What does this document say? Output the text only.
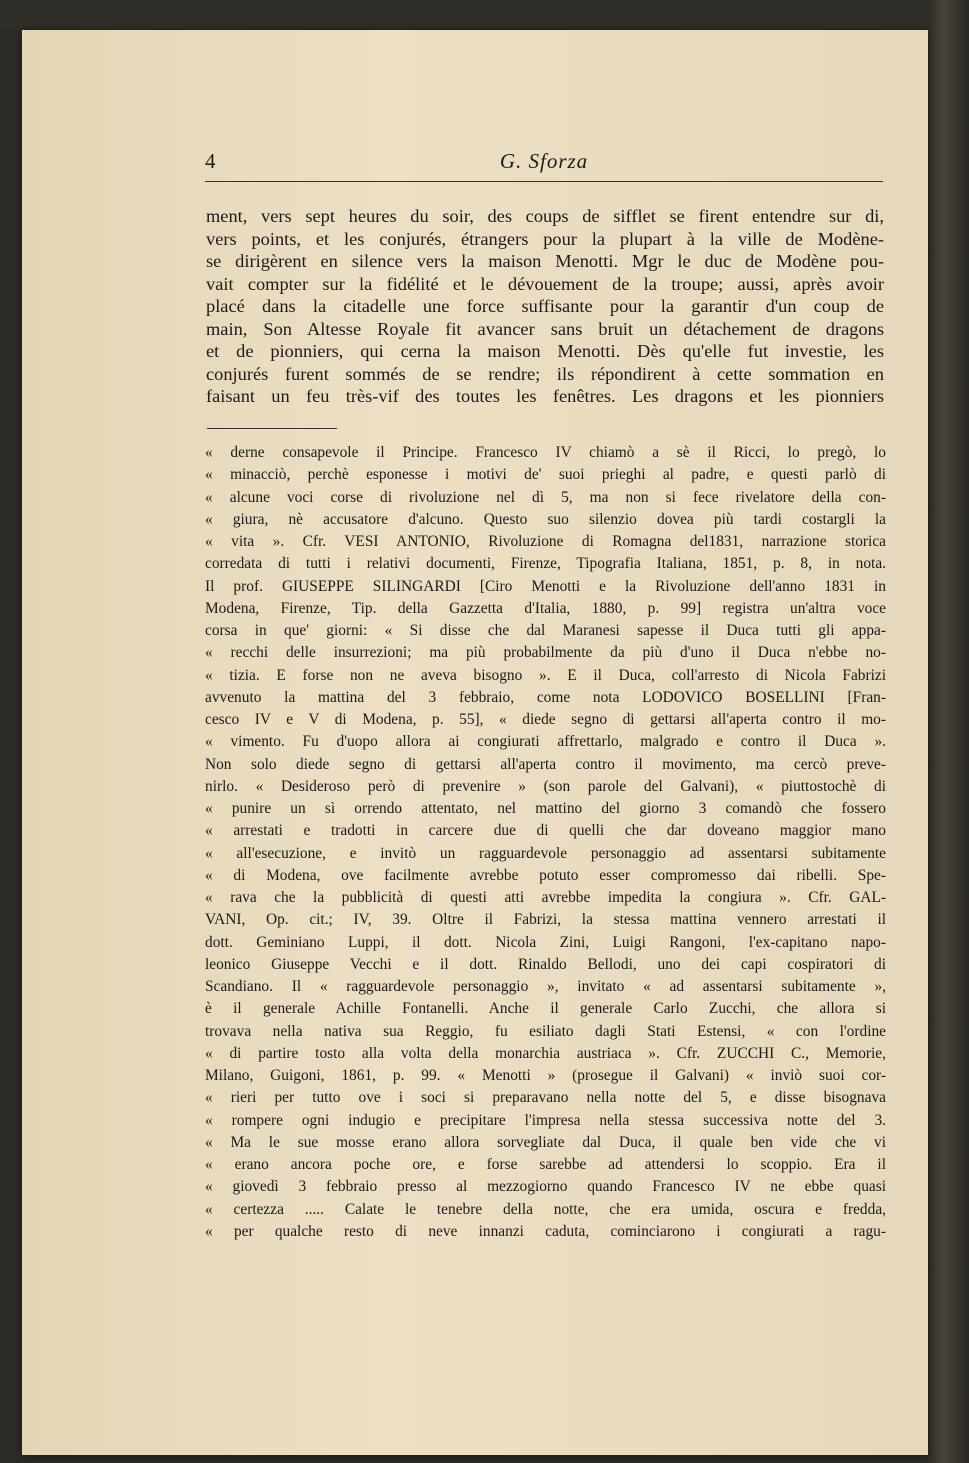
4	G. Sforza
ment, vers sept heures du soir, des coups de sifflet se firent entendre sur di,
vers points, et les conjurés, étrangers pour la plupart à la ville de Modène-
se dirigèrent en silence vers la maison Menotti. Mgr le duc de Modène pou-
vait compter sur la fidélité et le dévouement de la troupe; aussi, après avoir
placé dans la citadelle une force suffisante pour la garantir d'un coup de
main, Son Altesse Royale fit avancer sans bruit un détachement de dragons
et de pionniers, qui cerna la maison Menotti. Dès qu'elle fut investie, les
conjurés furent sommés de se rendre; ils répondirent à cette sommation en
faisant un feu très-vif des toutes les fenêtres. Les dragons et les pionniers
« derne consapevole il Principe. Francesco IV chiamò a sè il Ricci, lo pregò, lo
« minacciò, perchè esponesse i motivi de' suoi prieghi al padre, e questi parlò di
« alcune voci corse di rivoluzione nel dì 5, ma non si fece rivelatore della con-
« giura, nè accusatore d'alcuno. Questo suo silenzio dovea più tardi costargli la
« vita ». Cfr. VESI ANTONIO, Rivoluzione di Romagna del1831, narrazione storica
corredata di tutti i relativi documenti, Firenze, Tipografia Italiana, 1851, p. 8, in nota.
Il prof. GIUSEPPE SILINGARDI [Ciro Menotti e la Rivoluzione dell'anno 1831 in
Modena, Firenze, Tip. della Gazzetta d'Italia, 1880, p. 99] registra un'altra voce
corsa in que' giorni: « Si disse che dal Maranesi sapesse il Duca tutti gli appa-
« recchi delle insurrezioni; ma più probabilmente da più d'uno il Duca n'ebbe no-
« tizia. E forse non ne aveva bisogno ». E il Duca, coll'arresto di Nicola Fabrizi
avvenuto la mattina del 3 febbraio, come nota LODOVICO BOSELLINI [Fran-
cesco IV e V di Modena, p. 55], « diede segno di gettarsi all'aperta contro il mo-
« vimento. Fu d'uopo allora ai congiurati affrettarlo, malgrado e contro il Duca ».
Non solo diede segno di gettarsi all'aperta contro il movimento, ma cercò preve-
nirlo. « Desideroso però di prevenire » (son parole del Galvani), « piuttostochè di
« punire un sì orrendo attentato, nel mattino del giorno 3 comandò che fossero
« arrestati e tradotti in carcere due di quelli che dar doveano maggior mano
« all'esecuzione, e invitò un ragguardevole personaggio ad assentarsi subitamente
« di Modena, ove facilmente avrebbe potuto esser compromesso dai ribelli. Spe-
« rava che la pubblicità di questi atti avrebbe impedita la congiura ». Cfr. GAL-
VANI, Op. cit.; IV, 39. Oltre il Fabrizi, la stessa mattina vennero arrestati il
dott. Geminiano Luppi, il dott. Nicola Zini, Luigi Rangoni, l'ex-capitano napo-
leonico Giuseppe Vecchi e il dott. Rinaldo Bellodi, uno dei capi cospiratori di
Scandiano. Il « ragguardevole personaggio », invitato « ad assentarsi subitamente »,
è il generale Achille Fontanelli. Anche il generale Carlo Zucchi, che allora si
trovava nella nativa sua Reggio, fu esiliato dagli Stati Estensi, « con l'ordine
« di partire tosto alla volta della monarchia austriaca ». Cfr. ZUCCHI C., Memorie,
Milano, Guigoni, 1861, p. 99. « Menotti » (prosegue il Galvani) « inviò suoi cor-
« rieri per tutto ove i soci si preparavano nella notte del 5, e disse bisognava
« rompere ogni indugio e precipitare l'impresa nella stessa successiva notte del 3.
« Ma le sue mosse erano allora sorvegliate dal Duca, il quale ben vide che vi
« erano ancora poche ore, e forse sarebbe ad attendersi lo scoppio. Era il
« giovedì 3 febbraio presso al mezzogiorno quando Francesco IV ne ebbe quasi
« certezza ..... Calate le tenebre della notte, che era umida, oscura e fredda,
« per qualche resto di neve innanzi caduta, cominciarono i congiurati a ragu-
